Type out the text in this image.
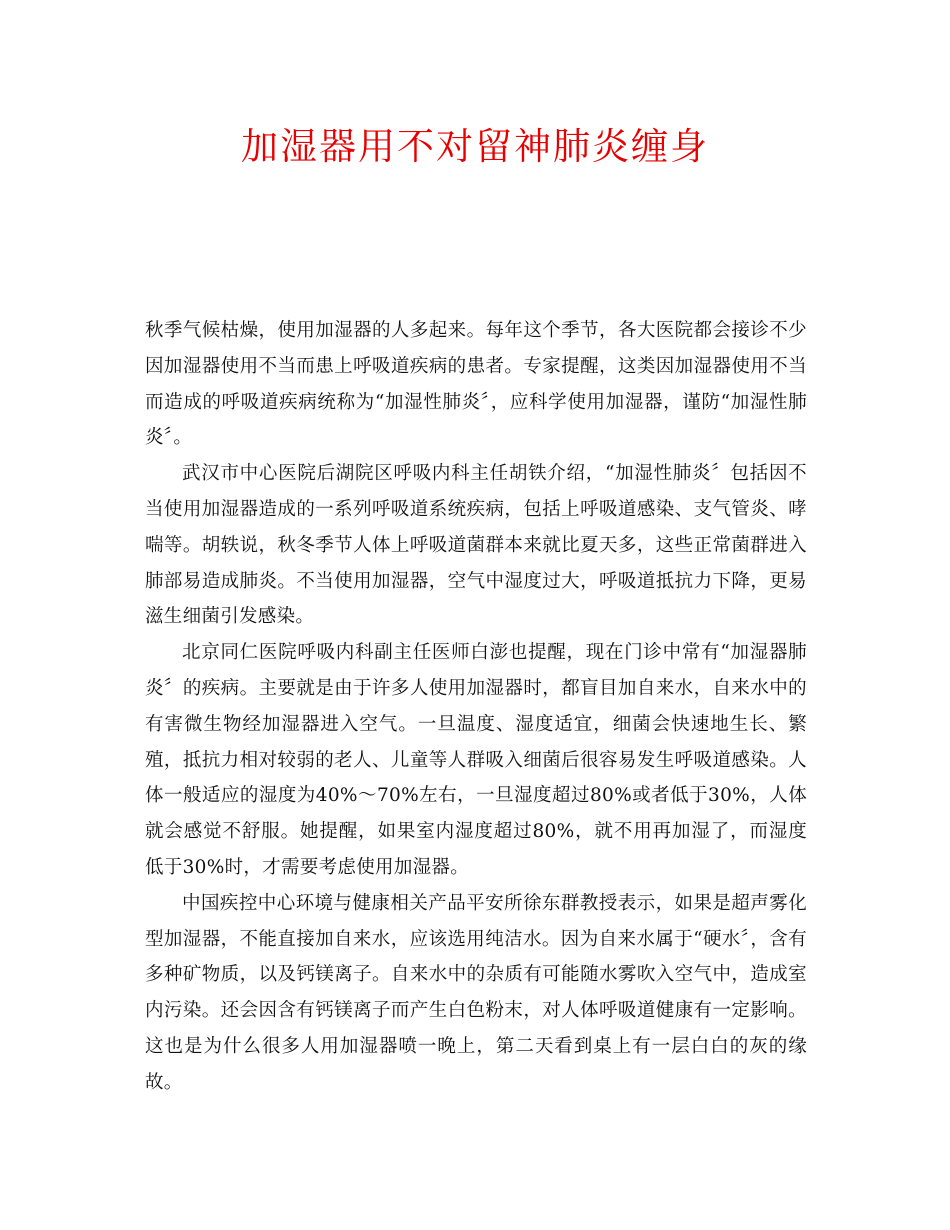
加湿器用不对留神肺炎缠身

秋季气候枯燥，使用加湿器的人多起来。每年这个季节，各大医院都会接诊不少因加湿器使用不当而患上呼吸道疾病的患者。专家提醒，这类因加湿器使用不当而造成的呼吸道疾病统称为“加湿性肺炎〞，应科学使用加湿器，谨防“加湿性肺炎〞。

武汉市中心医院后湖院区呼吸内科主任胡铁介绍，“加湿性肺炎〞包括因不当使用加湿器造成的一系列呼吸道系统疾病，包括上呼吸道感染、支气管炎、哮喘等。胡轶说，秋冬季节人体上呼吸道菌群本来就比夏天多，这些正常菌群进入肺部易造成肺炎。不当使用加湿器，空气中湿度过大，呼吸道抵抗力下降，更易滋生细菌引发感染。

北京同仁医院呼吸内科副主任医师白澎也提醒，现在门诊中常有“加湿器肺炎〞的疾病。主要就是由于许多人使用加湿器时，都盲目加自来水，自来水中的有害微生物经加湿器进入空气。一旦温度、湿度适宜，细菌会快速地生长、繁殖，抵抗力相对较弱的老人、儿童等人群吸入细菌后很容易发生呼吸道感染。人体一般适应的湿度为40%～70%左右，一旦湿度超过80%或者低于30%，人体就会感觉不舒服。她提醒，如果室内湿度超过80%，就不用再加湿了，而湿度低于30%时，才需要考虑使用加湿器。

中国疾控中心环境与健康相关产品平安所徐东群教授表示，如果是超声雾化型加湿器，不能直接加自来水，应该选用纯洁水。因为自来水属于“硬水〞，含有多种矿物质，以及钙镁离子。自来水中的杂质有可能随水雾吹入空气中，造成室内污染。还会因含有钙镁离子而产生白色粉末，对人体呼吸道健康有一定影响。这也是为什么很多人用加湿器喷一晚上，第二天看到桌上有一层白白的灰的缘故。
